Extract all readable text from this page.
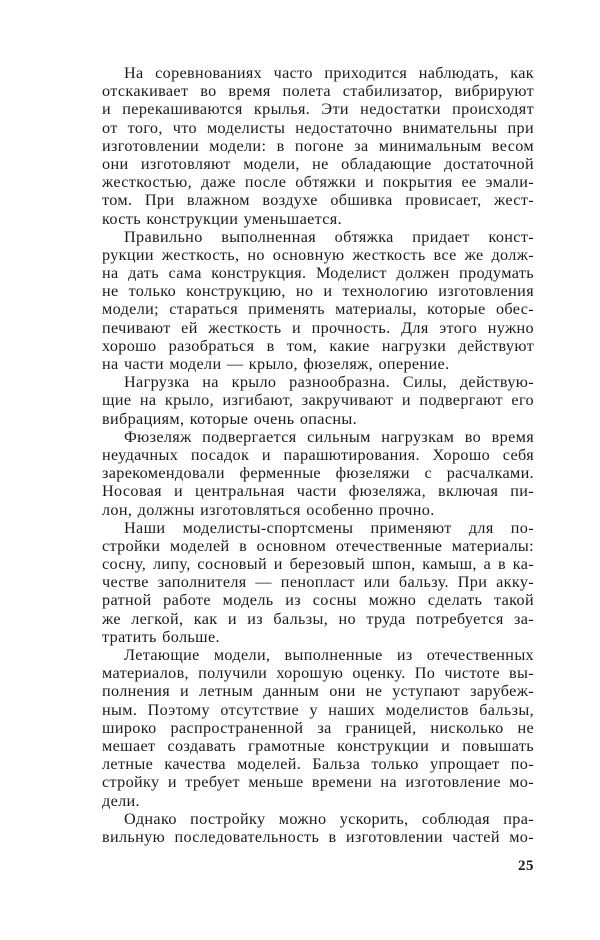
На соревнованиях часто приходится наблюдать, как
отскакивает во время полета стабилизатор, вибрируют
и перекашиваются крылья. Эти недостатки происходят
от того, что моделисты недостаточно внимательны при
изготовлении модели: в погоне за минимальным весом
они изготовляют модели, не обладающие достаточной
жесткостью, даже после обтяжки и покрытия ее эмали-
том. При влажном воздухе обшивка провисает, жест-
кость конструкции уменьшается.
Правильно выполненная обтяжка придает конст-
рукции жесткость, но основную жесткость все же долж-
на дать сама конструкция. Моделист должен продумать
не только конструкцию, но и технологию изготовления
модели; стараться применять материалы, которые обес-
печивают ей жесткость и прочность. Для этого нужно
хорошо разобраться в том, какие нагрузки действуют
на части модели — крыло, фюзеляж, оперение.
Нагрузка на крыло разнообразна. Силы, действую-
щие на крыло, изгибают, закручивают и подвергают его
вибрациям, которые очень опасны.
Фюзеляж подвергается сильным нагрузкам во время
неудачных посадок и парашютирования. Хорошо себя
зарекомендовали ферменные фюзеляжи с расчалками.
Носовая и центральная части фюзеляжа, включая пи-
лон, должны изготовляться особенно прочно.
Наши моделисты-спортсмены применяют для по-
стройки моделей в основном отечественные материалы:
сосну, липу, сосновый и березовый шпон, камыш, а в ка-
честве заполнителя — пенопласт или бальзу. При акку-
ратной работе модель из сосны можно сделать такой
же легкой, как и из бальзы, но труда потребуется за-
тратить больше.
Летающие модели, выполненные из отечественных
материалов, получили хорошую оценку. По чистоте вы-
полнения и летным данным они не уступают зарубеж-
ным. Поэтому отсутствие у наших моделистов бальзы,
широко распространенной за границей, нисколько не
мешает создавать грамотные конструкции и повышать
летные качества моделей. Бальза только упрощает по-
стройку и требует меньше времени на изготовление мо-
дели.
Однако постройку можно ускорить, соблюдая пра-
вильную последовательность в изготовлении частей мо-
25
